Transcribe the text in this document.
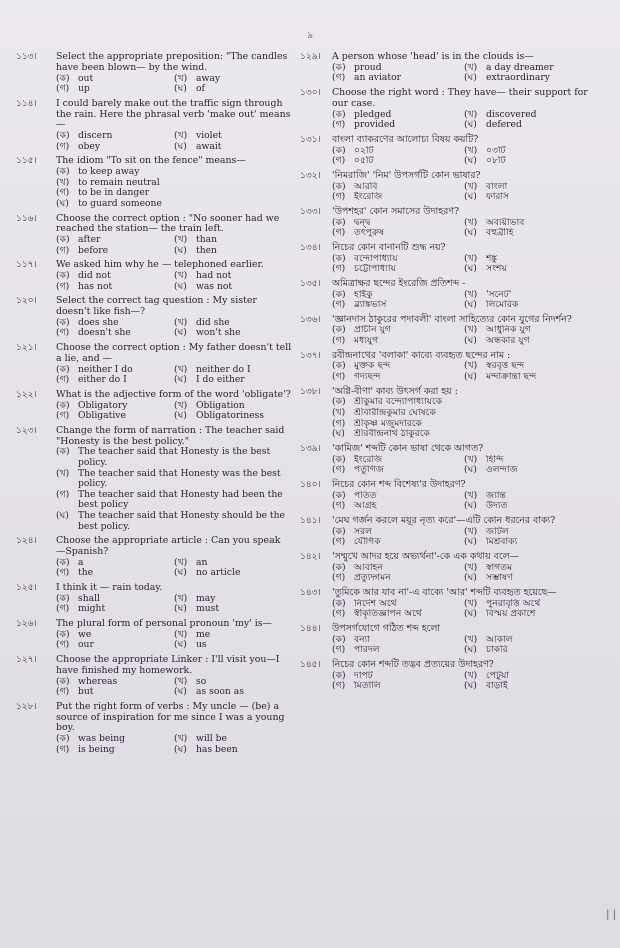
৯
১১৩।	Select the appropriate preposition: "The candles have been blown— by the wind.
(ক) out	(খ) away
(গ) up	(ঘ) of
১১৪।	I could barely make out the traffic sign through the rain. Here the phrasal verb 'make out' means—
(ক) discern	(খ) violet
(গ) obey	(ঘ) await
১১৫।	The idiom "To sit on the fence" means—
(ক) to keep away
(খ) to remain neutral
(গ) to be in danger
(ঘ) to guard someone
১১৬।	Choose the correct option : "No sooner had we reached the station— the train left.
(ক) after	(খ) than
(গ) before	(ঘ) then
১১৭।	We asked him why he — telephoned earlier.
(ক) did not	(খ) had not
(গ) has not	(ঘ) was not
১২০।	Select the correct tag question : My sister doesn't like fish—?
(ক) does she	(খ) did she
(গ) doesn't she	(ঘ) won't she
১২১।	Choose the correct option : My father doesn't tell a lie, and —
(ক) neither I do	(খ) neither do I
(গ) either do I	(ঘ) I do either
১২২।	What is the adjective form of the word 'obligate'?
(ক) Obligatory	(খ) Obligation
(গ) Obligative	(ঘ) Obligatoriness
১২৩।	Change the form of narration : The teacher said "Honesty is the best policy."
(ক) The teacher said that Honesty is the best policy.
(খ) The teacher said that Honesty was the best policy.
(গ) The teacher said that Honesty had been the best policy
(ঘ) The teacher said that Honesty should be the best policy.
১২৪।	Choose the appropriate article : Can you speak —Spanish?
(ক) a	(খ) an
(গ) the	(ঘ) no article
১২৫।	I think it — rain today.
(ক) shall	(খ) may
(গ) might	(ঘ) must
১২৬।	The plural form of personal pronoun 'my' is—
(ক) we	(খ) me
(গ) our	(ঘ) us
১২৭।	Choose the appropriate Linker : I'll visit you—I have finished my homework.
(ক) whereas	(খ) so
(গ) but	(ঘ) as soon as
১২৮।	Put the right form of verbs : My uncle — (be) a source of inspiration for me since I was a young boy.
(ক) was being	(খ) will be
(গ) is being	(ঘ) has been
১২৯।	A person whose 'head' is in the clouds is—
(ক) proud	(খ) a day dreamer
(গ) an aviator	(ঘ) extraordinary
১৩০।	Choose the right word : They have— their support for our case.
(ক) pledged	(খ) discovered
(গ) provided	(ঘ) defered
১৩১।	বাংলা ব্যাকরণের আলোচ্য বিষয় কয়টি?
(ক) ০২টি	(খ) ০৩টি
(গ) ০৫টি	(ঘ) ০৮টি
১৩২।	'নিমরাজি' 'নিম' উপসর্গটি কোন ভাষার?
(ক) আরবি	(খ) বাংলা
(গ) ইংরেজি	(ঘ) ফারসি
১৩৩।	'উপশহর' কোন সমাসের উদাহরণ?
(ক) দ্বন্দ্ব	(খ) অব্যয়ীভাব
(গ) তৎপুরুষ	(ঘ) বহুব্রীহি
১৩৪।	নিচের কোন বানানটি শুদ্ধ নয়?
(ক) বন্দোপাধ্যায়	(খ) শঙ্কু
(গ) চট্টোপাধ্যায়	(ঘ) সংশয়
১৩৫।	অমিত্রাক্ষর ছন্দের ইংরেজি প্রতিশব্দ -
(ক) হাইকু	(খ) 'সনেট'
(গ) ব্ল্যাঙ্কভার্স	(ঘ) লিমেরিক
১৩৬।	'জ্ঞানদাস ঠাকুরের পদাবলী' বাংলা সাহিত্যের কোন যুগের নিদর্শন?
(ক) প্রাচীন যুগ	(খ) আধুনিক যুগ
(গ) মধ্যযুগ	(ঘ) অন্ধকার যুগ
১৩৭।	রবীন্দ্রনাথের 'বলাকা' কাব্যে ব্যবহৃত ছন্দের নাম :
(ক) মুক্তক ছন্দ	(খ) স্বরবৃত্ত ছন্দ
(গ) গদ্যছন্দ	(ঘ) মন্দাক্রান্তা ছন্দ
১৩৮।	'অগ্নি-বীণা' কাব্য উৎসর্গ করা হয় :
(ক) শ্রীকুমার বন্দ্যোপাধ্যায়কে
(খ) শ্রীবারীন্দ্রকুমার ঘোষকে
(গ) শ্রীকৃষ্ণ মজুমদারকে
(ঘ) শ্রীরবীন্দ্রনাথ ঠাকুরকে
১৩৯।	'কামিজ' শব্দটি কোন ভাষা থেকে আগত?
(ক) ইংরেজি	(খ) হিন্দি
(গ) পর্তুগিজ	(ঘ) ওলন্দাজ
১৪০।	নিচের কোন শব্দ বিশেষ্য'র উদাহরণ?
(ক) পতিত	(খ) জ্যান্ত
(গ) আগ্রহ	(ঘ) উদ্যত
১৪১।	'মেঘ গর্জন করলে ময়ূর নৃত্য করে'—এটি কোন ধরনের বাক্য?
(ক) সরল	(খ) জটিল
(গ) যৌগিক	(ঘ) মিশ্রবাক্য
১৪২।	'সম্মুখে আদর হয়ে অভ্যর্থনা'-কে এক কথায় বলে—
(ক) আবাহন	(খ) স্বাগতম
(গ) প্রত্যুদ্গমন	(ঘ) সম্ভাষণ
১৪৩।	'তুমিকে আর যাব না'-এ বাক্যে 'আর' শব্দটি ব্যবহৃত হয়েছে—
(ক) নির্দেশ অর্থে	(খ) পুনরাবৃত্তি অর্থে
(গ) স্বীকৃতিজ্ঞাপন অর্থে	(ঘ) বিস্ময় প্রকাশে
১৪৪।	উপসর্গযোগে গঠিত শব্দ হলো
(ক) বন্যা	(খ) আকাল
(গ) পারদল	(ঘ) চাকরি
১৪৫।	নিচের কোন শব্দটি তদ্ভব প্রত্যয়ের উদাহরণ?
(ক) দাপট	(খ) পেটুয়া
(গ) মিতালি	(ঘ) বাড়াই
| |
